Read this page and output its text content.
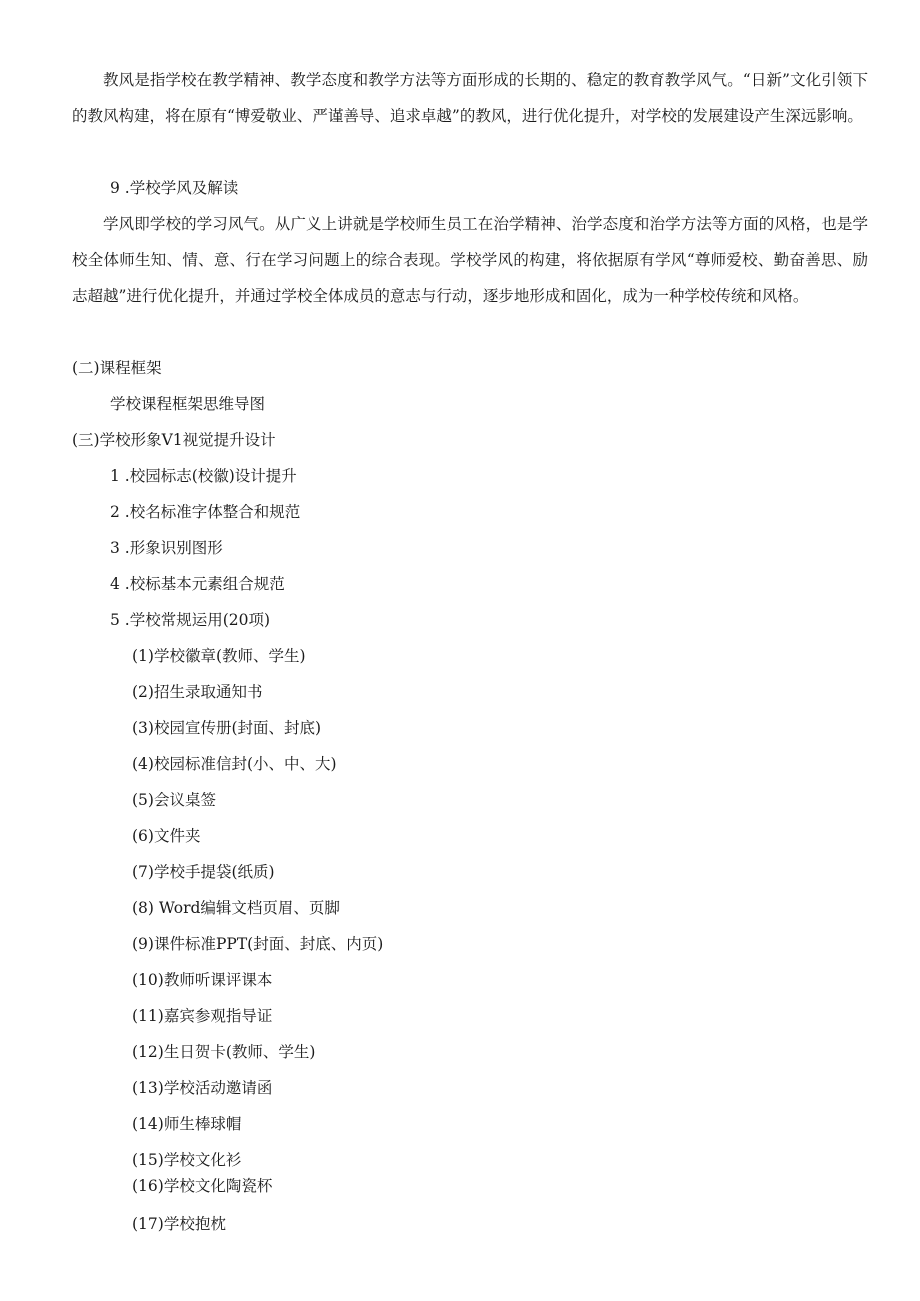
教风是指学校在教学精神、教学态度和教学方法等方面形成的长期的、稳定的教育教学风气。“日新”文化引领下的教风构建，将在原有“博爱敬业、严谨善导、追求卓越”的教风，进行优化提升，对学校的发展建设产生深远影响。

9 .学校学风及解读

学风即学校的学习风气。从广义上讲就是学校师生员工在治学精神、治学态度和治学方法等方面的风格，也是学校全体师生知、情、意、行在学习问题上的综合表现。学校学风的构建，将依据原有学风“尊师爱校、勤奋善思、励志超越”进行优化提升，并通过学校全体成员的意志与行动，逐步地形成和固化，成为一种学校传统和风格。

(二)课程框架

学校课程框架思维导图

(三)学校形象V1视觉提升设计

1 .校园标志(校徽)设计提升

2 .校名标准字体整合和规范

3 .形象识别图形

4 .校标基本元素组合规范

5 .学校常规运用(20项)

(1)学校徽章(教师、学生)

(2)招生录取通知书

(3)校园宣传册(封面、封底)

(4)校园标准信封(小、中、大)

(5)会议桌签

(6)文件夹

(7)学校手提袋(纸质)

(8) Word编辑文档页眉、页脚

(9)课件标准PPT(封面、封底、内页)

(10)教师听课评课本

(11)嘉宾参观指导证

(12)生日贺卡(教师、学生)

(13)学校活动邀请函

(14)师生棒球帽

(15)学校文化衫

(16)学校文化陶瓷杯

(17)学校抱枕
